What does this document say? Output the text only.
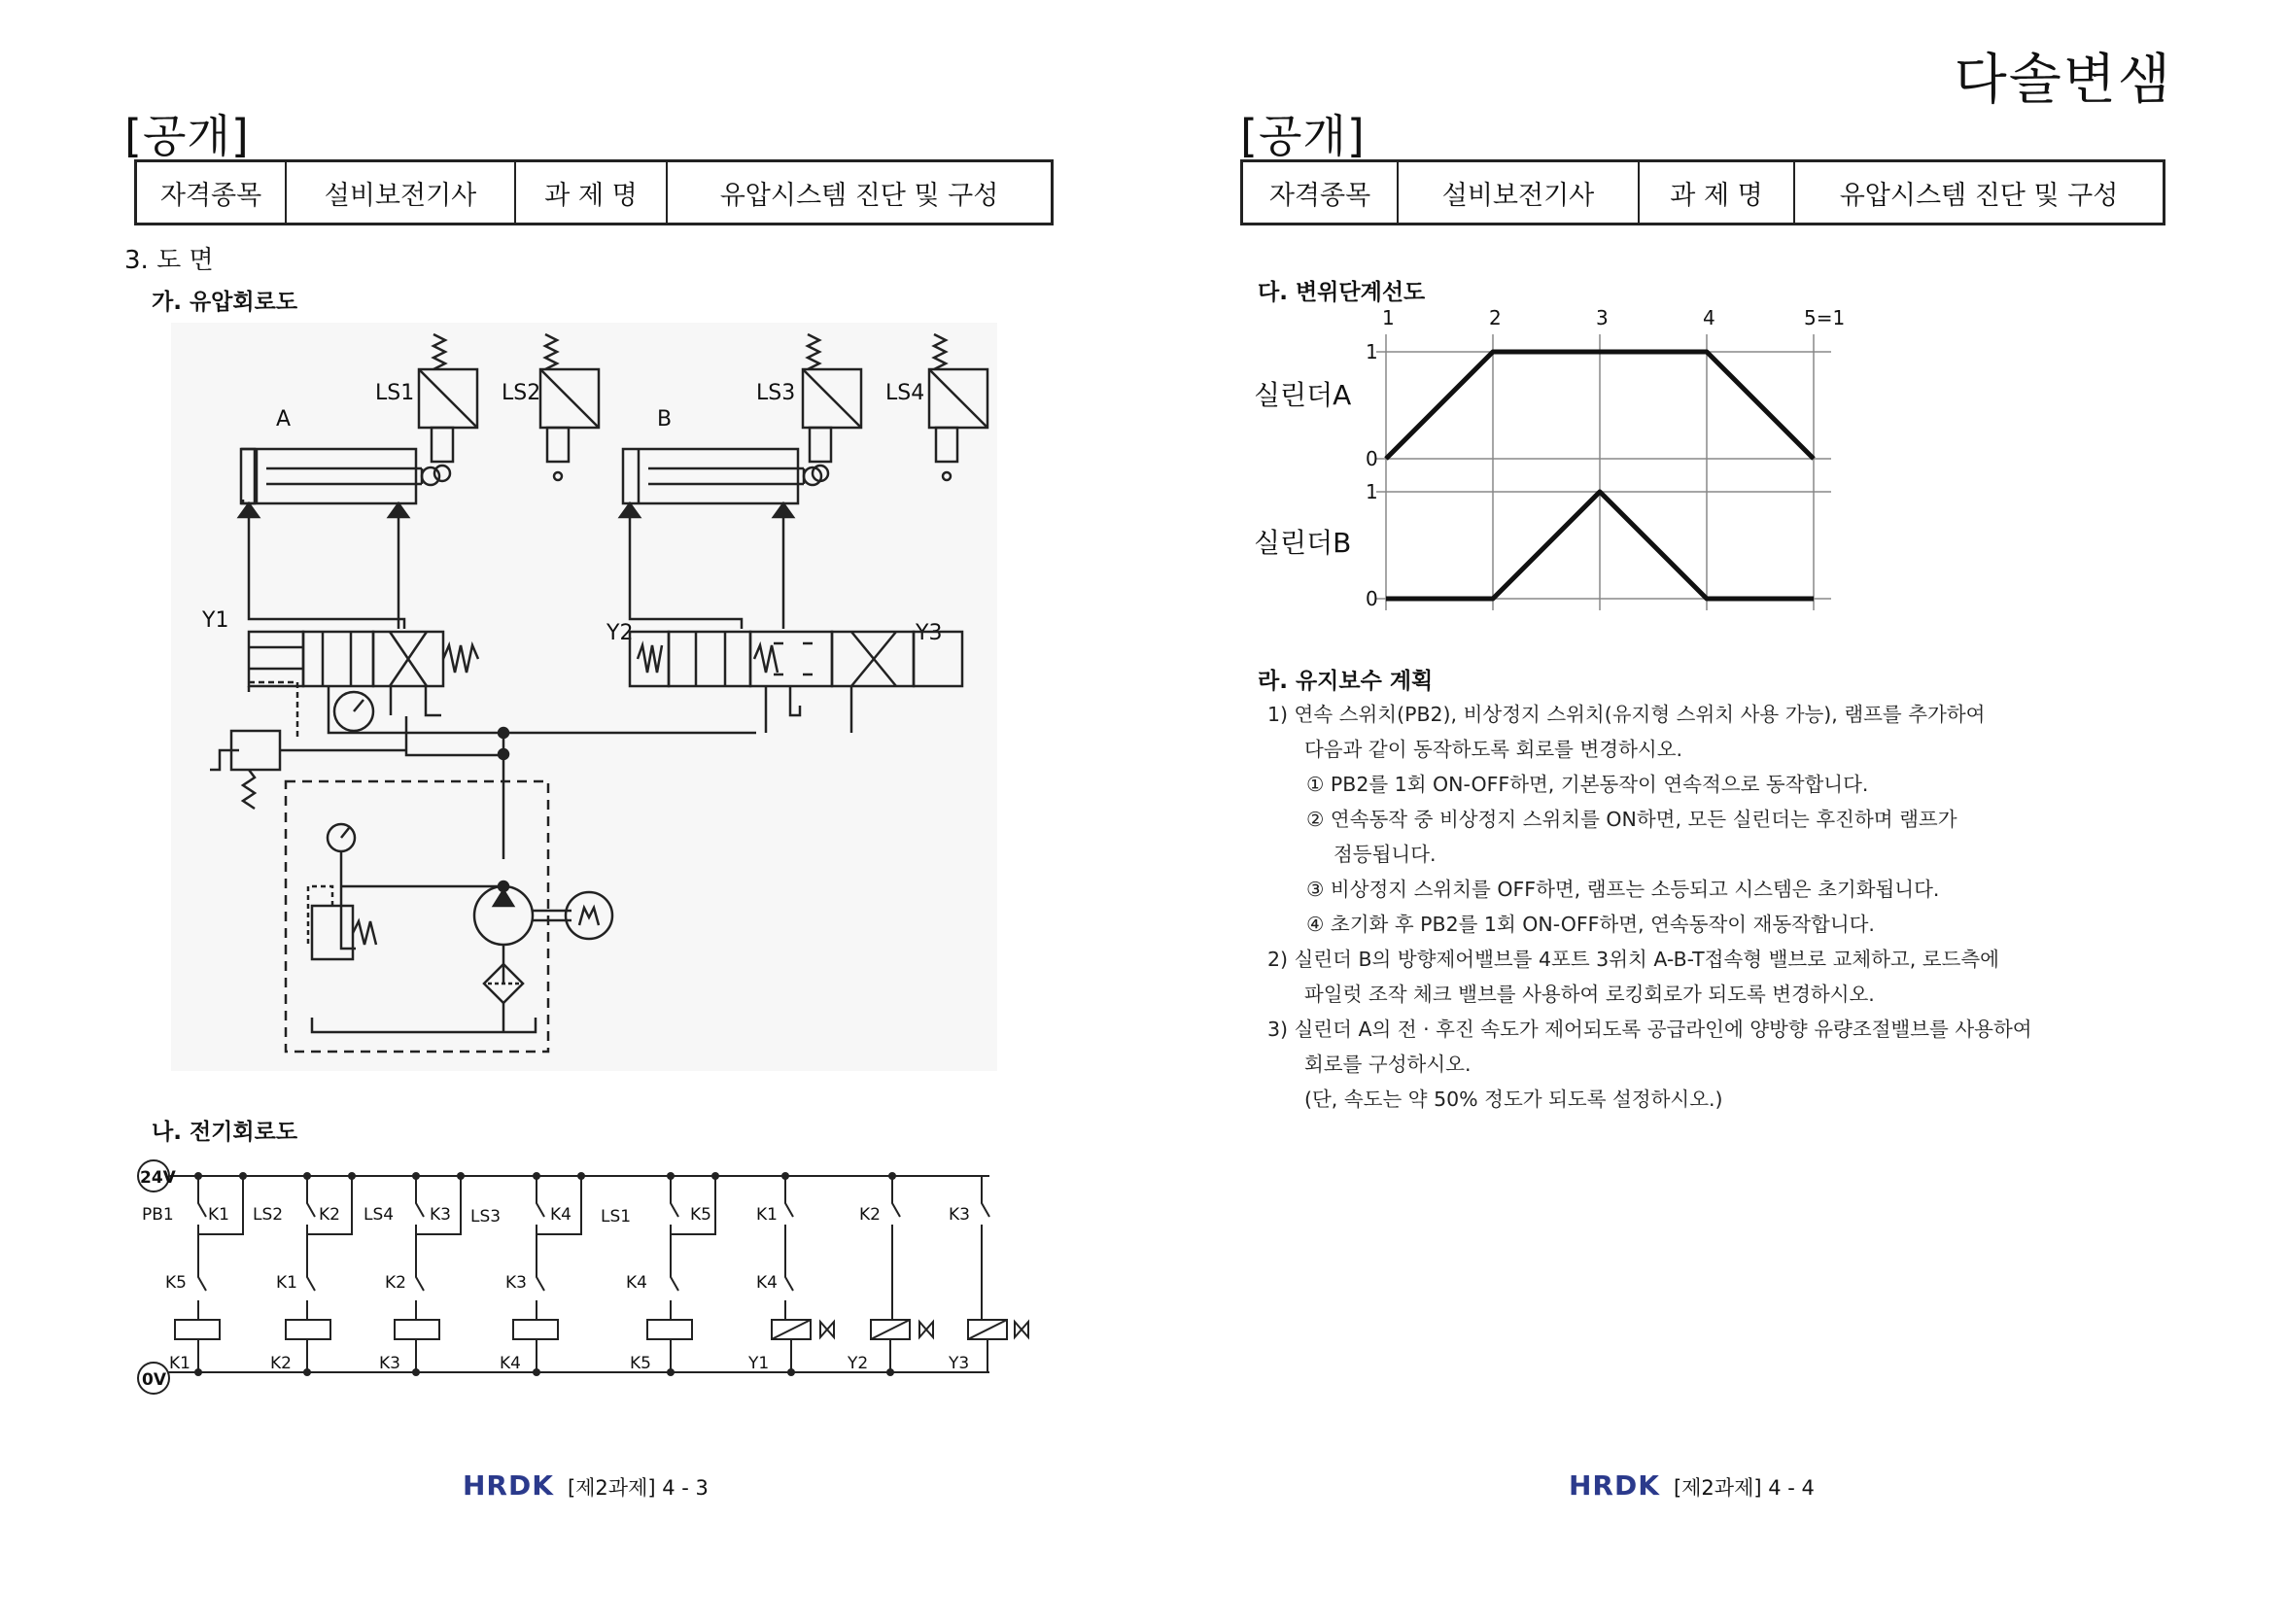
다솔변샘
[공개]
자격종목	설비보전기사	과 제 명	유압시스템 진단 및 구성
3. 도 면
가. 유압회로도
LS1	LS2	LS3	LS4
A	B
Y1
Y2	Y3
나. 전기회로도
24V
0V
PB1 K1 LS2 K2 LS4 K3 LS3	K4 LS1	K5	K1	K2	K3
K5	K1	K2	K3	K4	K4
K1	K2	K3	K4	K5	Y1	Y2	Y3
HRDK [제2과제] 4 - 3
[공개]
자격종목	설비보전기사	과 제 명	유압시스템 진단 및 구성
다. 변위단계선도
실린더A
실린더B
1
0
1
0
1	2	3	4	5=1
라. 유지보수 계획

1) 연속 스위치(PB2), 비상정지 스위치(유지형 스위치 사용 가능), 램프를 추가하여

다음과 같이 동작하도록 회로를 변경하시오.

① PB2를 1회 ON-OFF하면, 기본동작이 연속적으로 동작합니다.

② 연속동작 중 비상정지 스위치를 ON하면, 모든 실린더는 후진하며 램프가

점등됩니다.

③ 비상정지 스위치를 OFF하면, 램프는 소등되고 시스템은 초기화됩니다.

④ 초기화 후 PB2를 1회 ON-OFF하면, 연속동작이 재동작합니다.

2) 실린더 B의 방향제어밸브를 4포트 3위치 A-B-T접속형 밸브로 교체하고, 로드측에

파일럿 조작 체크 밸브를 사용하여 로킹회로가 되도록 변경하시오.

3) 실린더 A의 전 · 후진 속도가 제어되도록 공급라인에 양방향 유량조절밸브를 사용하여

회로를 구성하시오.

(단, 속도는 약 50% 정도가 되도록 설정하시오.)

HRDK [제2과제] 4 - 4
